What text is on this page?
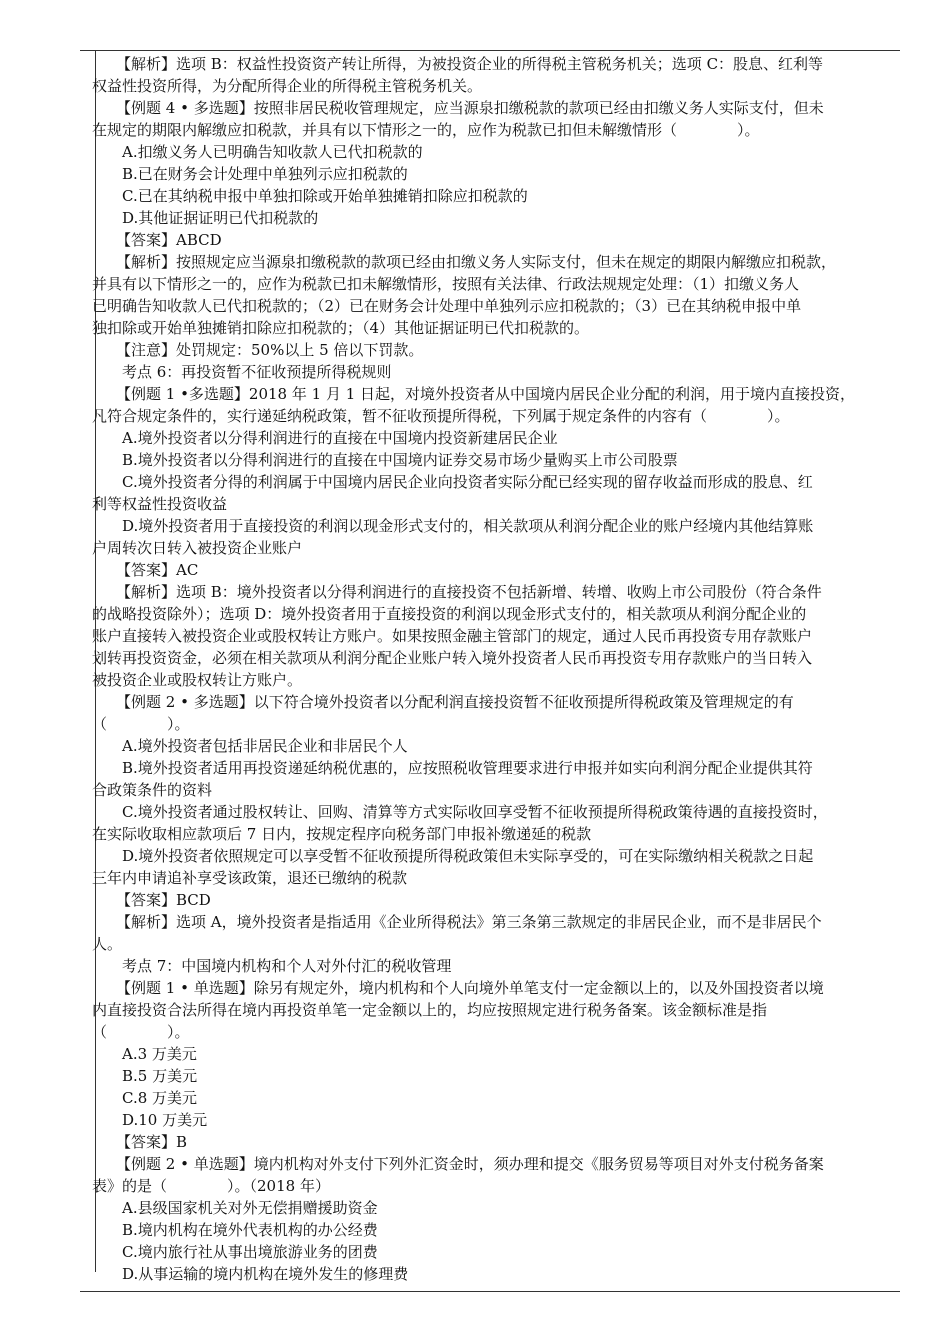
【解析】选项 B：权益性投资资产转让所得，为被投资企业的所得税主管税务机关；选项 C：股息、红利等
权益性投资所得，为分配所得企业的所得税主管税务机关。
【例题 4 • 多选题】按照非居民税收管理规定，应当源泉扣缴税款的款项已经由扣缴义务人实际支付，但未
在规定的期限内解缴应扣税款，并具有以下情形之一的，应作为税款已扣但未解缴情形（　　　　）。
A.扣缴义务人已明确告知收款人已代扣税款的
B.已在财务会计处理中单独列示应扣税款的
C.已在其纳税申报中单独扣除或开始单独摊销扣除应扣税款的
D.其他证据证明已代扣税款的
【答案】ABCD
【解析】按照规定应当源泉扣缴税款的款项已经由扣缴义务人实际支付，但未在规定的期限内解缴应扣税款，
并具有以下情形之一的，应作为税款已扣未解缴情形，按照有关法律、行政法规规定处理：（1）扣缴义务人
已明确告知收款人已代扣税款的；（2）已在财务会计处理中单独列示应扣税款的；（3）已在其纳税申报中单
独扣除或开始单独摊销扣除应扣税款的；（4）其他证据证明已代扣税款的。
【注意】处罚规定：50%以上 5 倍以下罚款。
考点 6：再投资暂不征收预提所得税规则
【例题 1 •多选题】2018 年 1 月 1 日起，对境外投资者从中国境内居民企业分配的利润，用于境内直接投资，
凡符合规定条件的，实行递延纳税政策，暂不征收预提所得税，下列属于规定条件的内容有（　　　　）。
A.境外投资者以分得利润进行的直接在中国境内投资新建居民企业
B.境外投资者以分得利润进行的直接在中国境内证券交易市场少量购买上市公司股票
C.境外投资者分得的利润属于中国境内居民企业向投资者实际分配已经实现的留存收益而形成的股息、红
利等权益性投资收益
D.境外投资者用于直接投资的利润以现金形式支付的，相关款项从利润分配企业的账户经境内其他结算账
户周转次日转入被投资企业账户
【答案】AC
【解析】选项 B：境外投资者以分得利润进行的直接投资不包括新增、转增、收购上市公司股份（符合条件
的战略投资除外）；选项 D：境外投资者用于直接投资的利润以现金形式支付的，相关款项从利润分配企业的
账户直接转入被投资企业或股权转让方账户。如果按照金融主管部门的规定，通过人民币再投资专用存款账户
划转再投资资金，必须在相关款项从利润分配企业账户转入境外投资者人民币再投资专用存款账户的当日转入
被投资企业或股权转让方账户。
【例题 2 • 多选题】以下符合境外投资者以分配利润直接投资暂不征收预提所得税政策及管理规定的有
（　　　　）。
A.境外投资者包括非居民企业和非居民个人
B.境外投资者适用再投资递延纳税优惠的，应按照税收管理要求进行申报并如实向利润分配企业提供其符
合政策条件的资料
C.境外投资者通过股权转让、回购、清算等方式实际收回享受暂不征收预提所得税政策待遇的直接投资时，
在实际收取相应款项后 7 日内，按规定程序向税务部门申报补缴递延的税款
D.境外投资者依照规定可以享受暂不征收预提所得税政策但未实际享受的，可在实际缴纳相关税款之日起
三年内申请追补享受该政策，退还已缴纳的税款
【答案】BCD
【解析】选项 A，境外投资者是指适用《企业所得税法》第三条第三款规定的非居民企业，而不是非居民个
人。
考点 7：中国境内机构和个人对外付汇的税收管理
【例题 1 • 单选题】除另有规定外，境内机构和个人向境外单笔支付一定金额以上的，以及外国投资者以境
内直接投资合法所得在境内再投资单笔一定金额以上的，均应按照规定进行税务备案。该金额标准是指
（　　　　）。
A.3 万美元
B.5 万美元
C.8 万美元
D.10 万美元
【答案】B
【例题 2 • 单选题】境内机构对外支付下列外汇资金时，须办理和提交《服务贸易等项目对外支付税务备案
表》的是（　　　　）。（2018 年）
A.县级国家机关对外无偿捐赠援助资金
B.境内机构在境外代表机构的办公经费
C.境内旅行社从事出境旅游业务的团费
D.从事运输的境内机构在境外发生的修理费
